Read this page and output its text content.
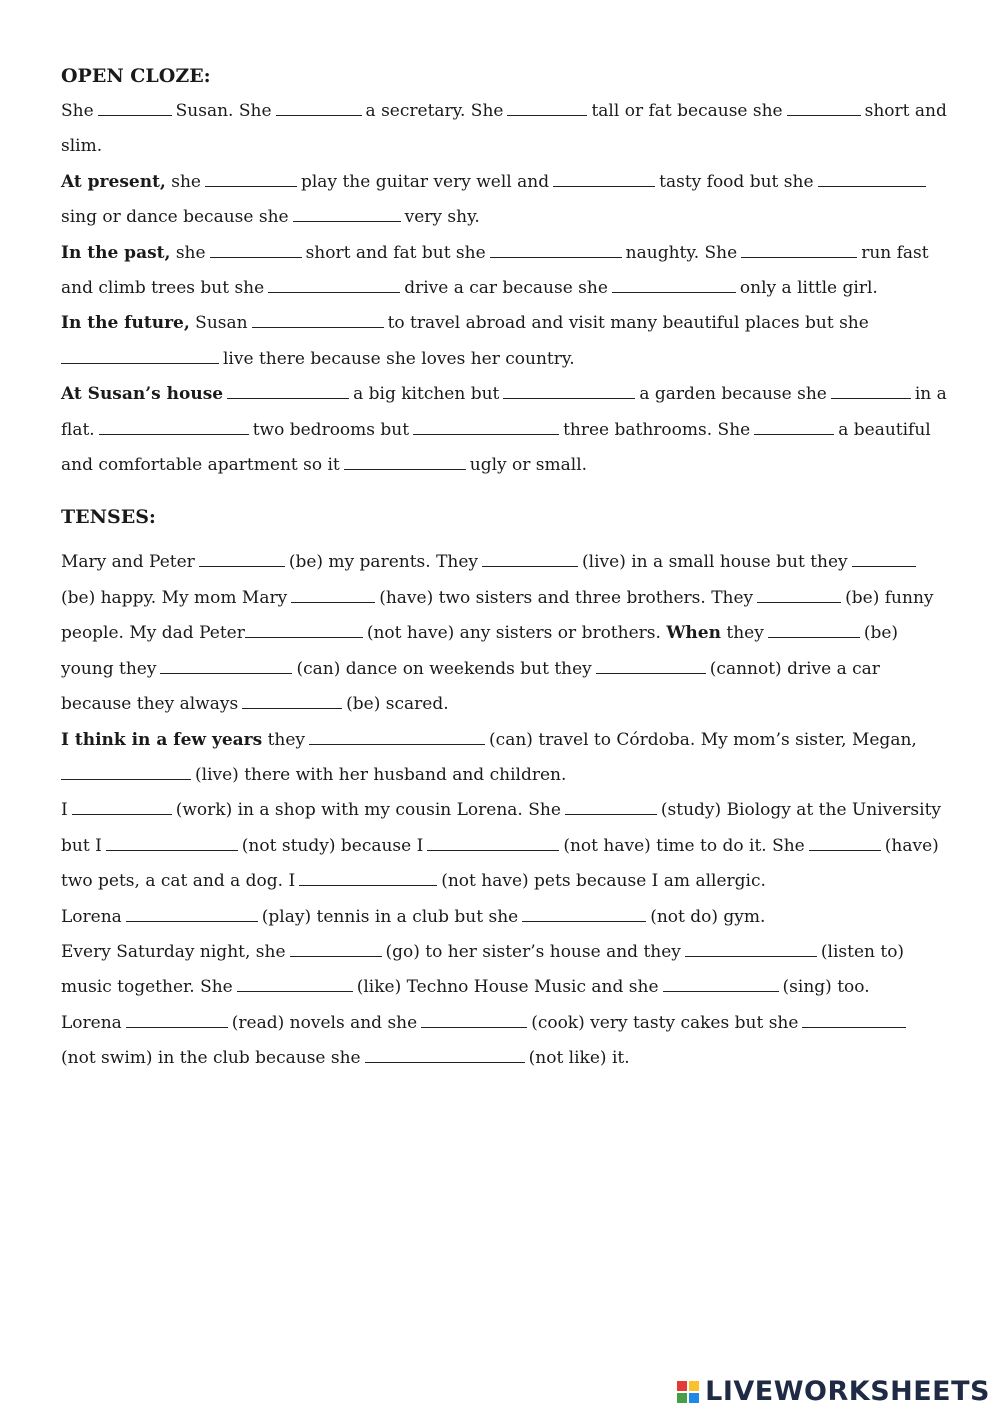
OPEN CLOZE:

She	Susan. She	a secretary. She	tall or fat because she	short and
slim.

At present, she	play the guitar very well and	tasty food but she
sing or dance because she	very shy.

In the past, she	short and fat but she	naughty. She	run fast
and climb trees but she	drive a car because she	only a little girl.

In the future, Susan	to travel abroad and visit many beautiful places but she
live there because she loves her country.

At Susan’s house	a big kitchen but	a garden because she	in a
flat.	two bedrooms but	three bathrooms. She	a beautiful
and comfortable apartment so it	ugly or small.

TENSES:

Mary and Peter	(be) my parents. They	(live) in a small house but they
(be) happy. My mom Mary	(have) two sisters and three brothers. They	(be) funny
people. My dad Peter	(not have) any sisters or brothers. When they	(be)
young they	(can) dance on weekends but they	(cannot) drive a car
because they always	(be) scared.

I think in a few years they	(can) travel to Córdoba. My mom’s sister, Megan,
(live) there with her husband and children.

I	(work) in a shop with my cousin Lorena. She	(study) Biology at the University
but I	(not study) because I	(not have) time to do it. She	(have)
two pets, a cat and a dog. I	(not have) pets because I am allergic.

Lorena	(play) tennis in a club but she	(not do) gym.

Every Saturday night, she	(go) to her sister’s house and they	(listen to)
music together. She	(like) Techno House Music and she	(sing) too.

Lorena	(read) novels and she	(cook) very tasty cakes but she
(not swim) in the club because she	(not like) it.

LIVEWORKSHEETS
